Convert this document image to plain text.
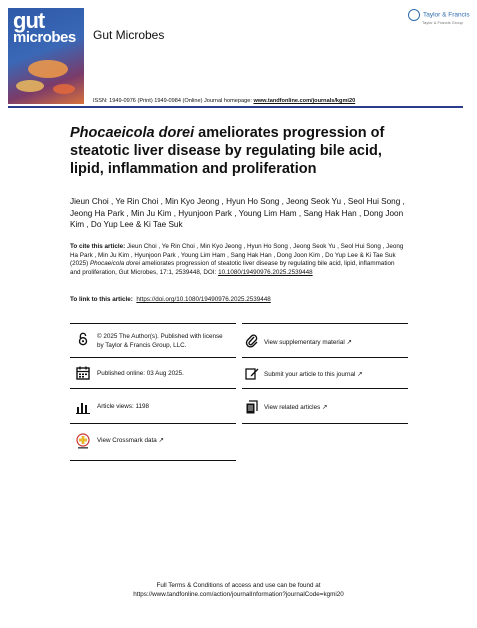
gut
microbes Gut Microbes
Taylor & Francis
Taylor & Francis Group
ISSN: 1949-0976 (Print) 1949-0984 (Online) Journal homepage: www.tandfonline.com/journals/kgmi20
Phocaeicola dorei ameliorates progression of steatotic liver disease by regulating bile acid, lipid, inflammation and proliferation
Jieun Choi , Ye Rin Choi , Min Kyo Jeong , Hyun Ho Song , Jeong Seok Yu , Seol Hui Song , Jeong Ha Park , Min Ju Kim , Hyunjoon Park , Young Lim Ham , Sang Hak Han , Dong Joon Kim , Do Yup Lee & Ki Tae Suk
To cite this article: Jieun Choi , Ye Rin Choi , Min Kyo Jeong , Hyun Ho Song , Jeong Seok Yu , Seol Hui Song , Jeong Ha Park , Min Ju Kim , Hyunjoon Park , Young Lim Ham , Sang Hak Han , Dong Joon Kim , Do Yup Lee & Ki Tae Suk (2025) Phocaeicola dorei ameliorates progression of steatotic liver disease by regulating bile acid, lipid, inflammation and proliferation, Gut Microbes, 17:1, 2539448, DOI: 10.1080/19490976.2025.2539448
To link to this article: https://doi.org/10.1080/19490976.2025.2539448
© 2025 The Author(s). Published with license by Taylor & Francis Group, LLC.
Published online: 03 Aug 2025.
Article views: 1198
View Crossmark data ↗
View supplementary material ↗
Submit your article to this journal ↗
View related articles ↗
Full Terms & Conditions of access and use can be found at
https://www.tandfonline.com/action/journalInformation?journalCode=kgmi20
